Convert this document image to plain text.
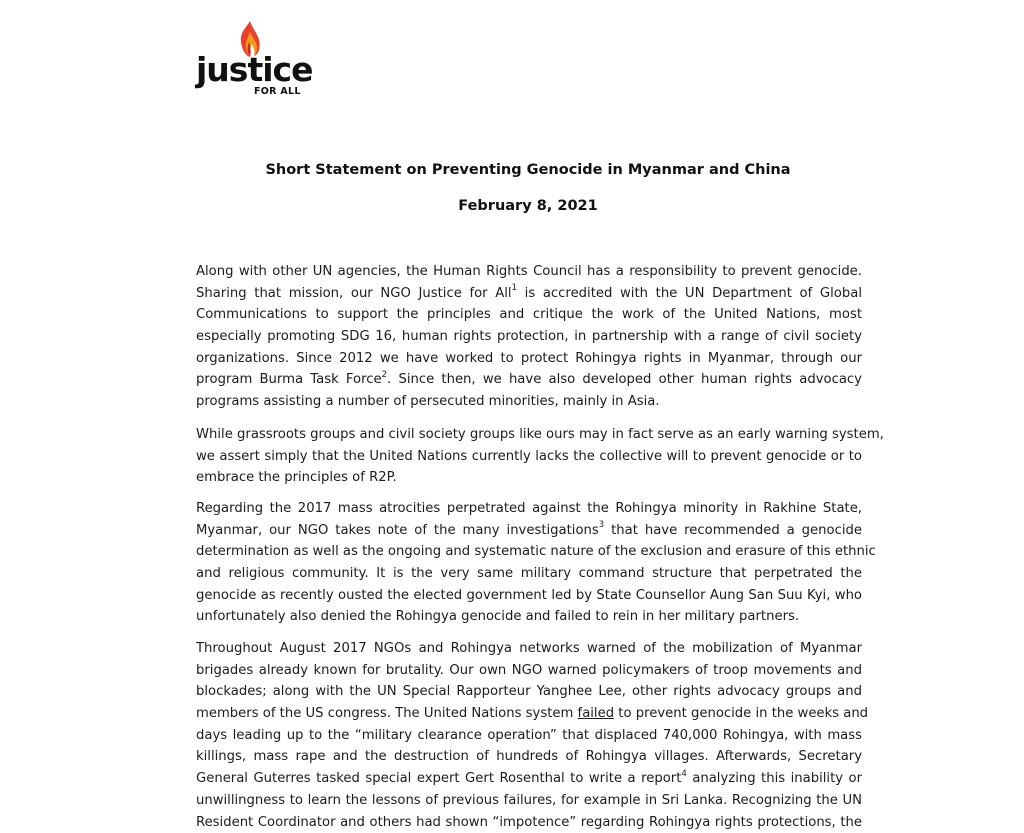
justice
FOR ALL
Short Statement on Preventing Genocide in Myanmar and China
February 8, 2021
Along with other UN agencies, the Human Rights Council has a responsibility to prevent genocide.
Sharing that mission, our NGO Justice for All$^1$ is accredited with the UN Department of Global
Communications to support the principles and critique the work of the United Nations, most
especially promoting SDG 16, human rights protection, in partnership with a range of civil society
organizations. Since 2012 we have worked to protect Rohingya rights in Myanmar, through our
program Burma Task Force$^2$. Since then, we have also developed other human rights advocacy
programs assisting a number of persecuted minorities, mainly in Asia.
While grassroots groups and civil society groups like ours may in fact serve as an early warning system,
we assert simply that the United Nations currently lacks the collective will to prevent genocide or to
embrace the principles of R2P.
Regarding the 2017 mass atrocities perpetrated against the Rohingya minority in Rakhine State,
Myanmar, our NGO takes note of the many investigations$^3$ that have recommended a genocide
determination as well as the ongoing and systematic nature of the exclusion and erasure of this ethnic
and religious community. It is the very same military command structure that perpetrated the
genocide as recently ousted the elected government led by State Counsellor Aung San Suu Kyi, who
unfortunately also denied the Rohingya genocide and failed to rein in her military partners.
Throughout August 2017 NGOs and Rohingya networks warned of the mobilization of Myanmar
brigades already known for brutality. Our own NGO warned policymakers of troop movements and
blockades; along with the UN Special Rapporteur Yanghee Lee, other rights advocacy groups and
members of the US congress. The United Nations system failed to prevent genocide in the weeks and
days leading up to the “military clearance operation” that displaced 740,000 Rohingya, with mass
killings, mass rape and the destruction of hundreds of Rohingya villages. Afterwards, Secretary
General Guterres tasked special expert Gert Rosenthal to write a report$^4$ analyzing this inability or
unwillingness to learn the lessons of previous failures, for example in Sri Lanka. Recognizing the UN
Resident Coordinator and others had shown “impotence” regarding Rohingya rights protections, the
